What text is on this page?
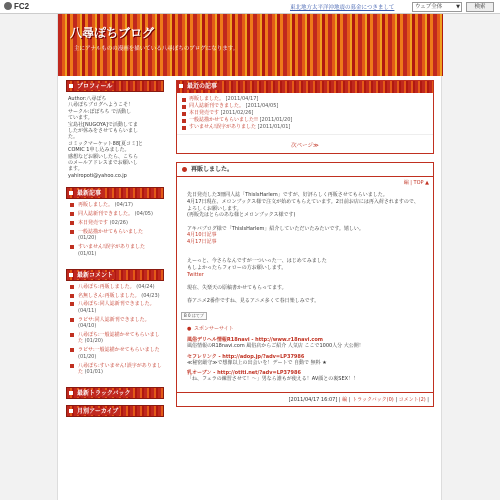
FC2	東北地方太平洋沖地震の募金につきまして	ウェブ全体	▼	検索
八尋ぽちブログ
主にアナルものの漫画を描いている八尋ぽちのブログになります。
プロフィール
Author:八尋ぽち
八尋ぽちブログへようこそ！
サークル:ぽぽちち で活動し
ています。
宝島社[NUGOYA]で活動してま
したが休みをさせてもらいまし
た。
コミックマーケット88[夏コミ]と
COMIC 1申し込みました。
感想などお願いしたら、こちら
のメールアドレスまでお願いし
ます。
yahiropoti@yahoo.co.jp
最新記事
再販しました。 (04/17)
同人誌新刊できました。 (04/05)
本日発売です (02/26)
一般誌描かせてもらいました (01/20)
すいません!誤字がありました (01/01)
最新コメント
八尋ぽち:再販しました。 (04/24)
名無しさん:再販しました。 (04/23)
八尋ぽち:同人誌新刊できました。 (04/11)
ラピサ:同人誌新刊できました。 (04/10)
八尋ぽち:一般誌描かせてもらいました (01/20)
ラピサ:一般誌描かせてもらいました (01/20)
八尋ぽち:すいません!誤字がありました (01/01)
最新トラックバック
月別アーカイブ
最近の記事
再販しました。 [2011/04/17]
同人誌新刊できました。 [2011/04/05]
本日発売です [2011/02/26]
一般誌描かせてもらいました!! [2011/01/20]
すいません!誤字がありました [2011/01/01]
次ページ≫
再販しました。
編 | TOP ▲

先日発売した3冊同人誌「ThisIsHarlem」ですが、好評らしく再販させてもらいました。
4月17日現在、メロンブックス様で注文が始めてもらえています。2日前お店には再入荷されますので、よろしくお願いします。
(再販先はとらのあな様とメロンブックス様です)

アキバブログ様で「ThisIsHarlem」紹介していただいたみたいです。嬉しい。
4月10日記事
4月17日記事

えーっと、今さらなんですが一ついった一、はじめてみました
もしよかったらフォローの方お願いします。
Twitter

現在、失楽天の原稿書かせてもらってます。

春アニメ2番作ですね、見るアニメ多くて春日楽しみです。

B 0 はてブ
● スポンサーサイト
風俗デリヘル情報R18navi - http://www.r18navi.com
風俗情報のR18navi.com 風俗店からご紹介 人気店 ここで1000人分 大公開！
セフレリンク - http://adop.jp/?adv=LP37986
≪秘密厳守≫で想像以上の出会いを！デートで 自動で 無料 ★
乳オーブン - http://otiti.net/?adv=LP37986
「ね、フェラの練習させて！～」男なら誰もが使える！AV顔との裏SEX！！
[2011/04/17 16:07] | 編 | トラックバック(0) | コメント(2) |
